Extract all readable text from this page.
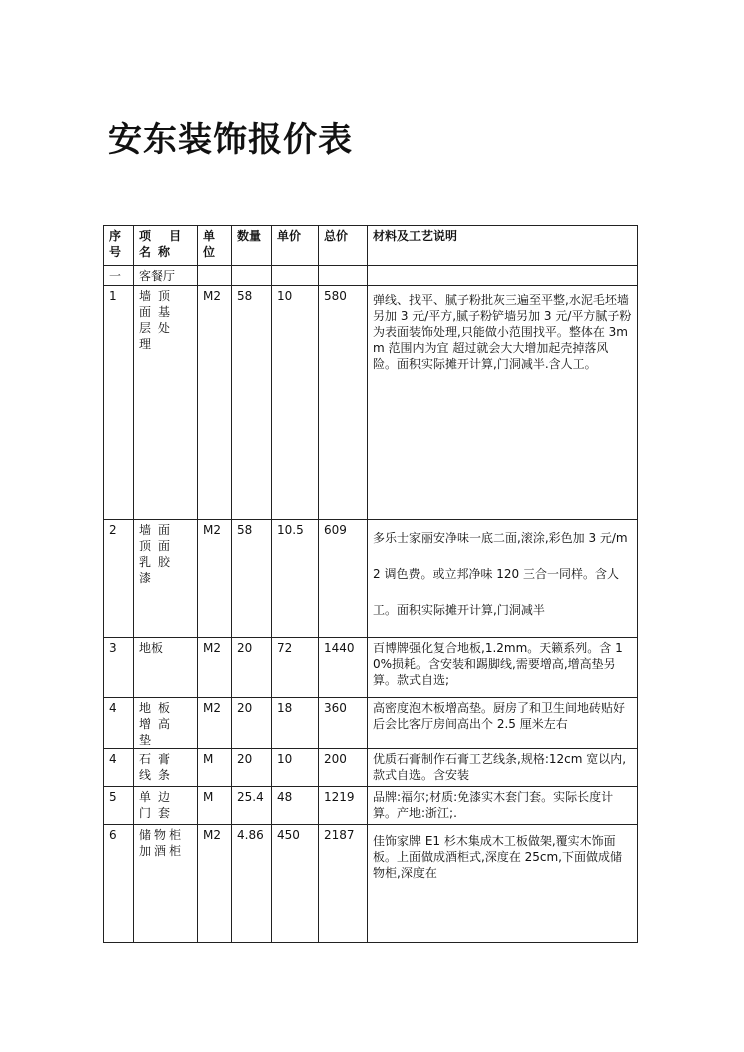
安东装饰报价表
序号	项 目 名称	单位	数量	单价	总价	材料及工艺说明
一	客餐厅					
1	墙顶面基层处理	M2	58	10	580	弹线、找平、腻子粉批灰三遍至平整,水泥毛坯墙另加 3 元/平方,腻子粉铲墙另加 3 元/平方腻子粉为表面装饰处理,只能做小范围找平。整体在 3mm 范围内为宜 超过就会大大增加起壳掉落风险。面积实际摊开计算,门洞减半.含人工。
2	墙面顶面乳胶漆	M2	58	10.5	609	多乐士家丽安净味一底二面,滚涂,彩色加 3 元/m2 调色费。或立邦净味 120 三合一同样。含人工。面积实际摊开计算,门洞减半
3	地板	M2	20	72	1440	百博牌强化复合地板,1.2mm。天籁系列。含 10%损耗。含安装和踢脚线,需要增高,增高垫另算。款式自选;
4	地板增高垫	M2	20	18	360	高密度泡木板增高垫。厨房了和卫生间地砖贴好后会比客厅房间高出个 2.5 厘米左右
4	石膏线条	M	20	10	200	优质石膏制作石膏工艺线条,规格:12cm 宽以内,款式自选。含安装
5	单边门套	M	25.4	48	1219	品牌:福尔;材质:免漆实木套门套。实际长度计算。产地:浙江;.
6	储物柜加酒柜	M2	4.86	450	2187	佳饰家牌 E1 杉木集成木工板做架,覆实木饰面板。上面做成酒柜式,深度在 25cm,下面做成储物柜,深度在
